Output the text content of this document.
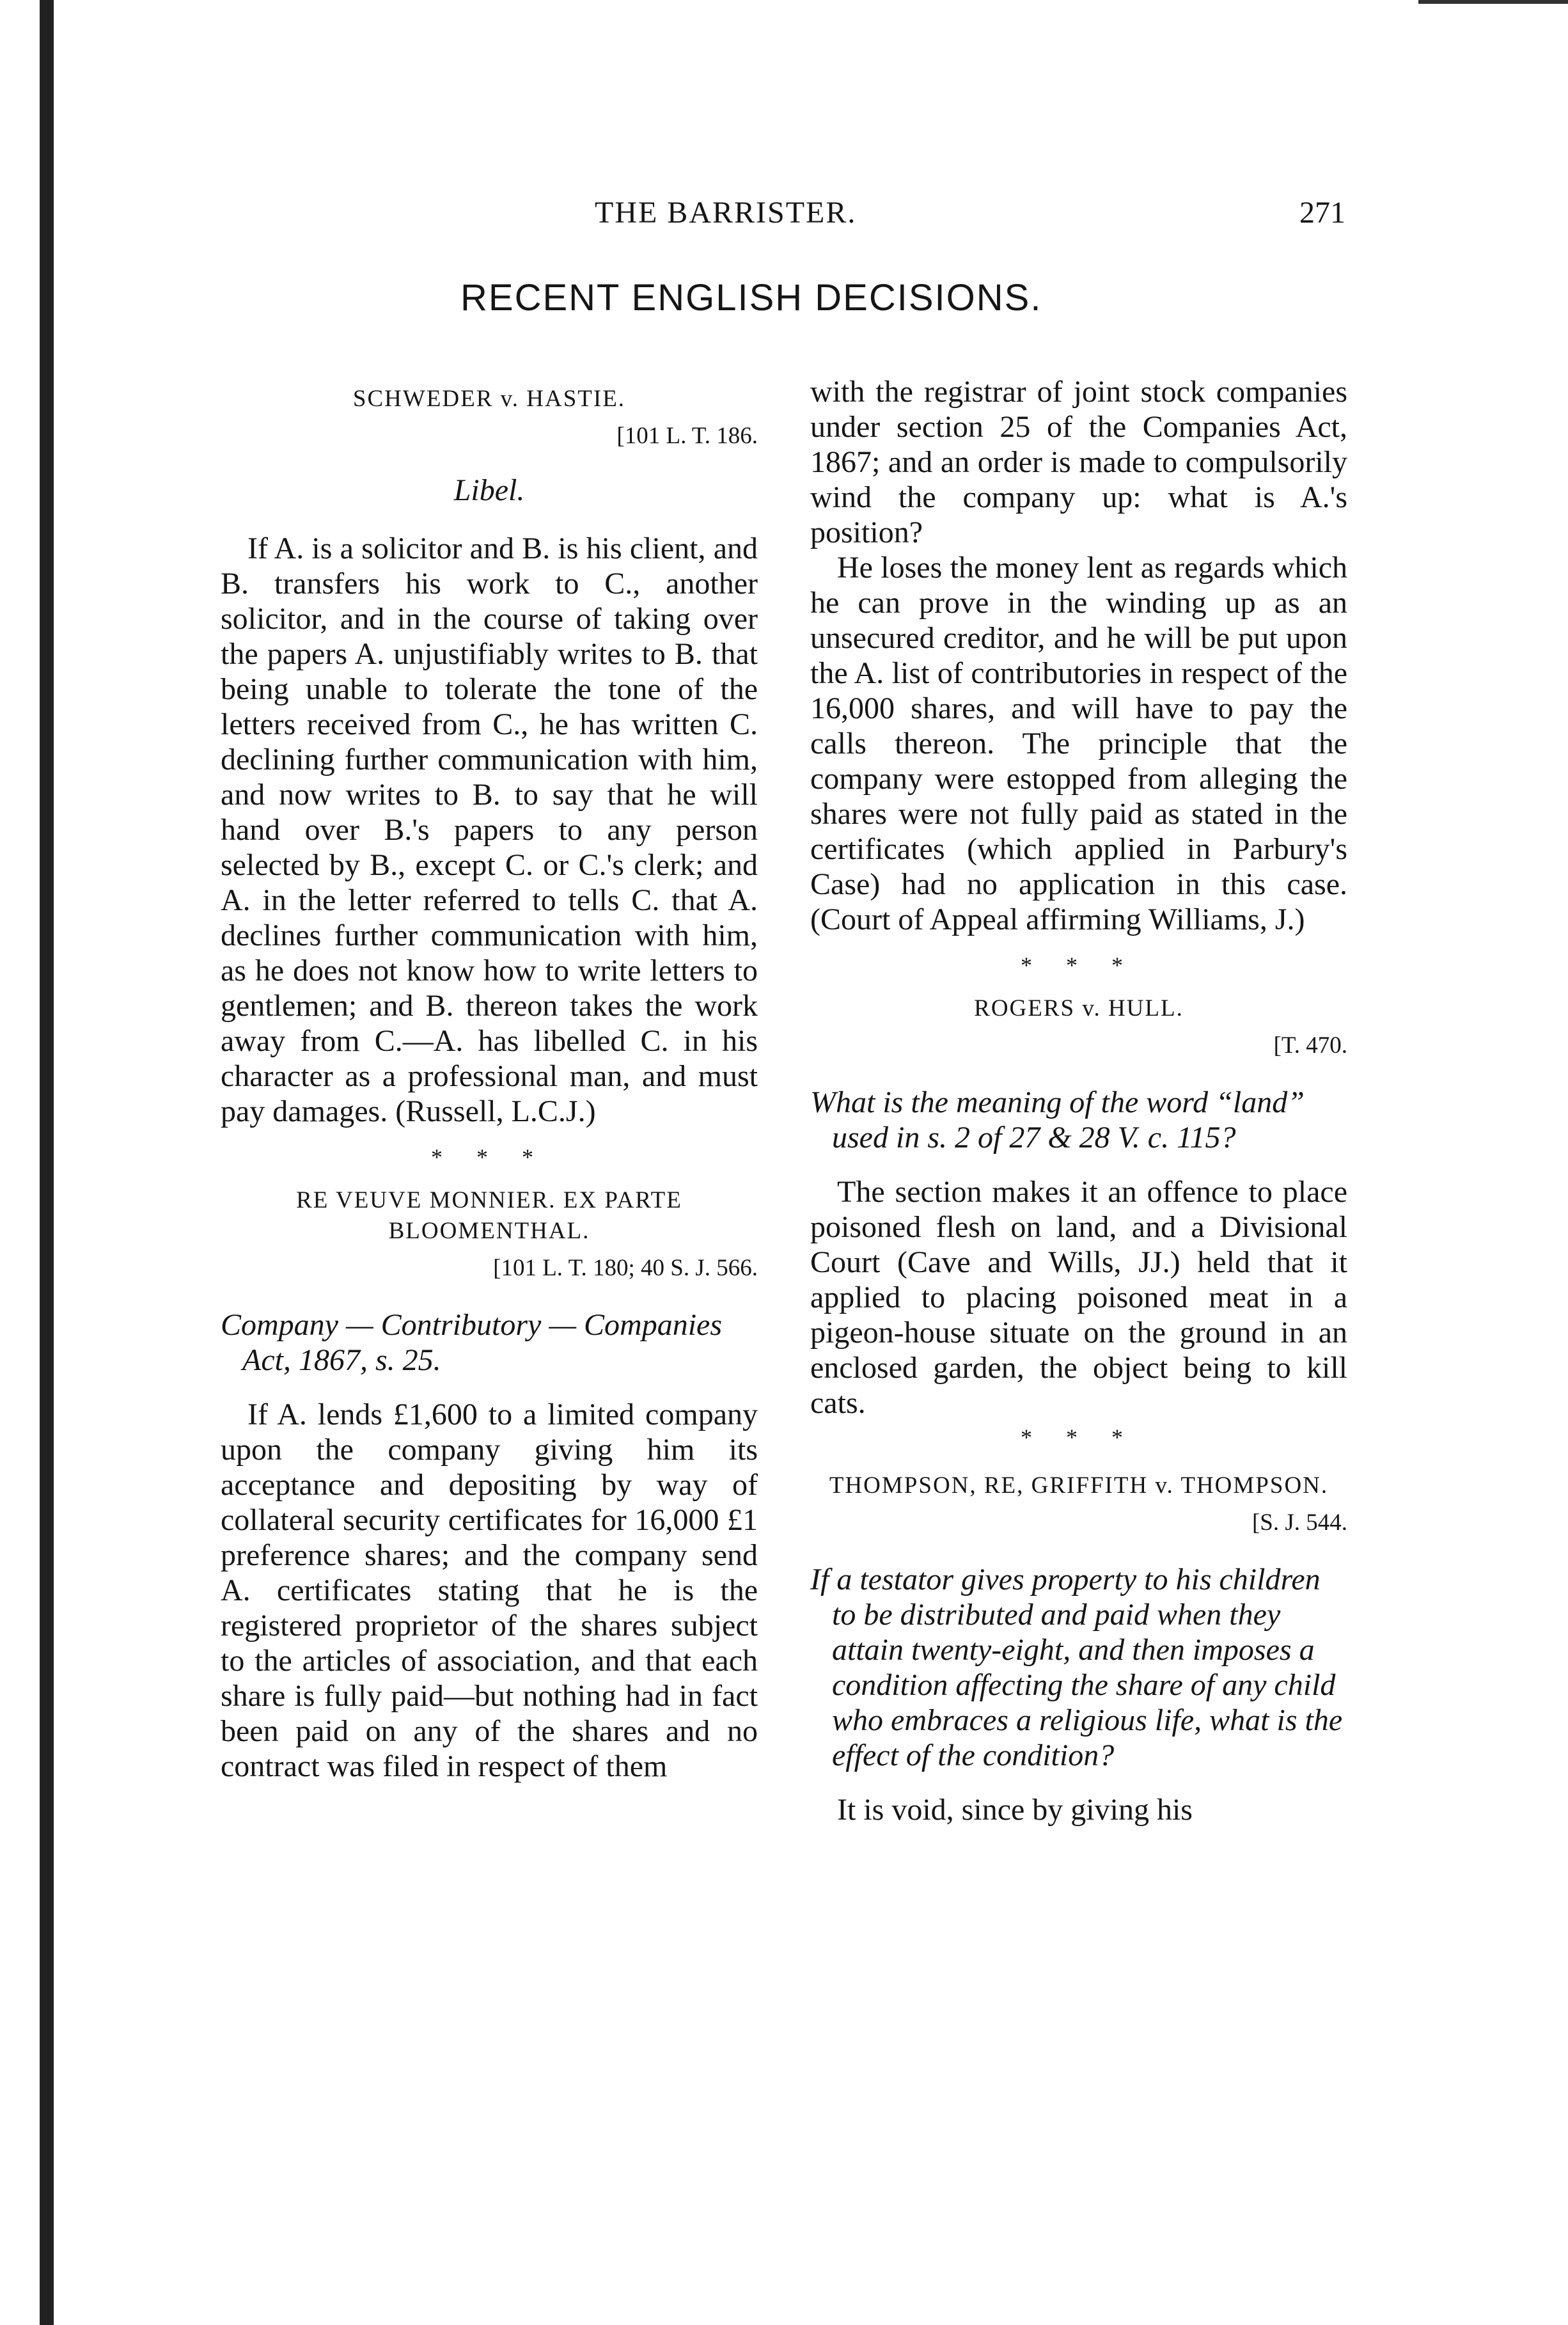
THE BARRISTER.	271
RECENT ENGLISH DECISIONS.
SCHWEDER v. HASTIE.
[101 L. T. 186.
Libel.

If A. is a solicitor and B. is his client, and B. transfers his work to C., another solicitor, and in the course of taking over the papers A. unjustifiably writes to B. that being unable to tolerate the tone of the letters received from C., he has written C. declining further communication with him, and now writes to B. to say that he will hand over B.'s papers to any person selected by B., except C. or C.'s clerk; and A. in the letter referred to tells C. that A. declines further communication with him, as he does not know how to write letters to gentlemen; and B. thereon takes the work away from C.—A. has libelled C. in his character as a professional man, and must pay damages. (Russell, L.C.J.)

* * *
RE VEUVE MONNIER. EX PARTE BLOOMENTHAL.
[101 L. T. 180; 40 S. J. 566.
Company — Contributory — Companies Act, 1867, s. 25.

If A. lends £1,600 to a limited company upon the company giving him its acceptance and depositing by way of collateral security certificates for 16,000 £1 preference shares; and the company send A. certificates stating that he is the registered proprietor of the shares subject to the articles of association, and that each share is fully paid—but nothing had in fact been paid on any of the shares and no contract was filed in respect of them

with the registrar of joint stock companies under section 25 of the Companies Act, 1867; and an order is made to compulsorily wind the company up: what is A.'s position?

He loses the money lent as regards which he can prove in the winding up as an unsecured creditor, and he will be put upon the A. list of contributories in respect of the 16,000 shares, and will have to pay the calls thereon. The principle that the company were estopped from alleging the shares were not fully paid as stated in the certificates (which applied in Parbury's Case) had no application in this case. (Court of Appeal affirming Williams, J.)

* * *
ROGERS v. HULL.
[T. 470.
What is the meaning of the word “land” used in s. 2 of 27 & 28 V. c. 115?

The section makes it an offence to place poisoned flesh on land, and a Divisional Court (Cave and Wills, JJ.) held that it applied to placing poisoned meat in a pigeon-house situate on the ground in an enclosed garden, the object being to kill cats.

* * *
THOMPSON, RE, GRIFFITH v. THOMPSON.
[S. J. 544.
If a testator gives property to his children to be distributed and paid when they attain twenty-eight, and then imposes a condition affecting the share of any child who embraces a religious life, what is the effect of the condition?

It is void, since by giving his
